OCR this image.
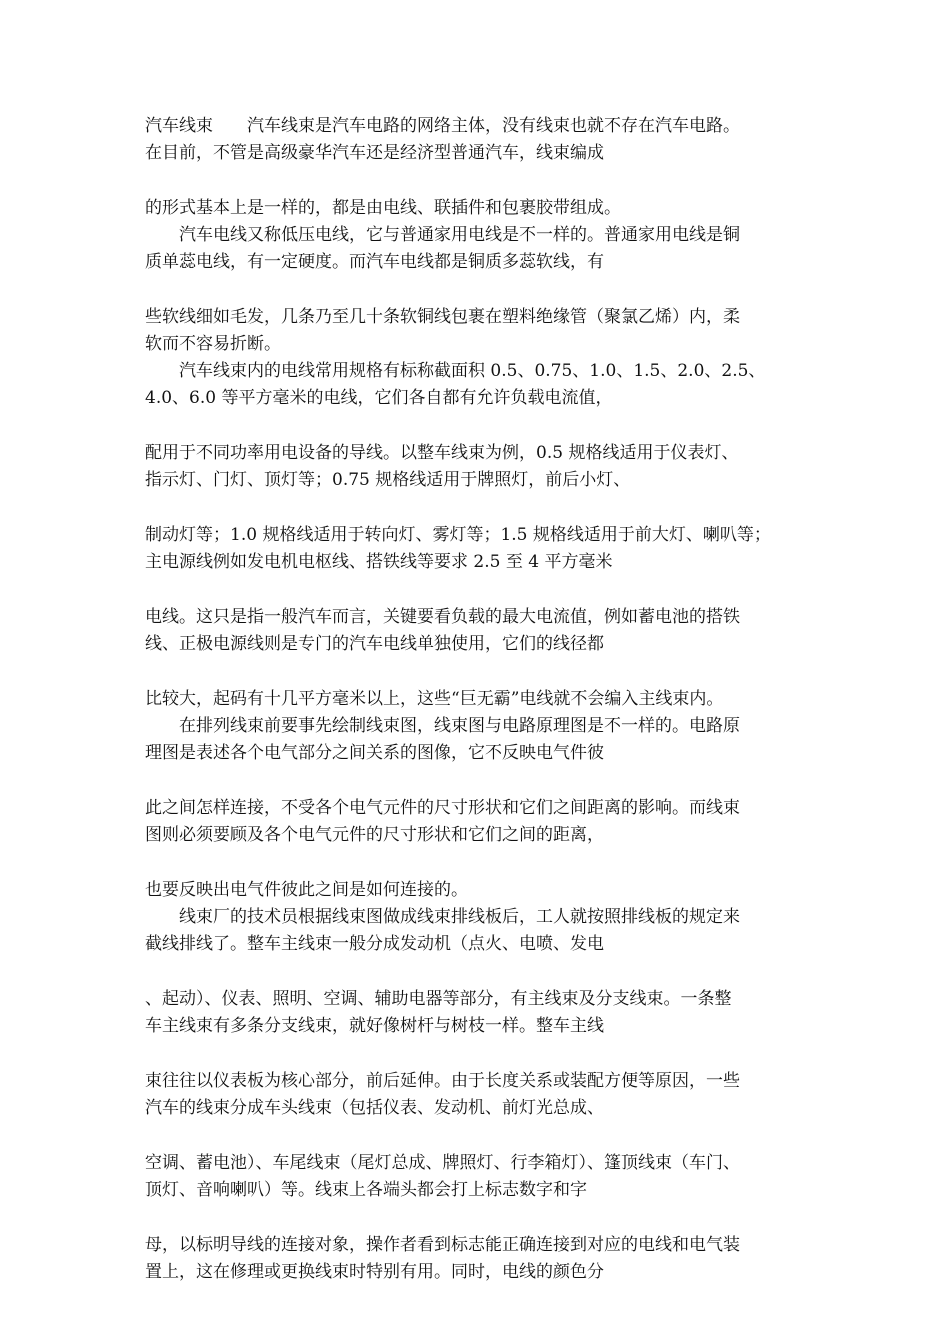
汽车线束　　汽车线束是汽车电路的网络主体，没有线束也就不存在汽车电路。
在目前，不管是高级豪华汽车还是经济型普通汽车，线束编成
的形式基本上是一样的，都是由电线、联插件和包裹胶带组成。
　　汽车电线又称低压电线，它与普通家用电线是不一样的。普通家用电线是铜
质单蕊电线，有一定硬度。而汽车电线都是铜质多蕊软线，有
些软线细如毛发，几条乃至几十条软铜线包裹在塑料绝缘管（聚氯乙烯）内，柔
软而不容易折断。
　　汽车线束内的电线常用规格有标称截面积 0.5、0.75、1.0、1.5、2.0、2.5、
4.0、6.0 等平方毫米的电线，它们各自都有允许负载电流值，
配用于不同功率用电设备的导线。以整车线束为例，0.5 规格线适用于仪表灯、
指示灯、门灯、顶灯等；0.75 规格线适用于牌照灯，前后小灯、
制动灯等；1.0 规格线适用于转向灯、雾灯等；1.5 规格线适用于前大灯、喇叭等；
主电源线例如发电机电枢线、搭铁线等要求 2.5 至 4 平方毫米
电线。这只是指一般汽车而言，关键要看负载的最大电流值，例如蓄电池的搭铁
线、正极电源线则是专门的汽车电线单独使用，它们的线径都
比较大，起码有十几平方毫米以上，这些“巨无霸”电线就不会编入主线束内。
　　在排列线束前要事先绘制线束图，线束图与电路原理图是不一样的。电路原
理图是表述各个电气部分之间关系的图像，它不反映电气件彼
此之间怎样连接，不受各个电气元件的尺寸形状和它们之间距离的影响。而线束
图则必须要顾及各个电气元件的尺寸形状和它们之间的距离，
也要反映出电气件彼此之间是如何连接的。
　　线束厂的技术员根据线束图做成线束排线板后，工人就按照排线板的规定来
截线排线了。整车主线束一般分成发动机（点火、电喷、发电
、起动）、仪表、照明、空调、辅助电器等部分，有主线束及分支线束。一条整
车主线束有多条分支线束，就好像树杆与树枝一样。整车主线
束往往以仪表板为核心部分，前后延伸。由于长度关系或装配方便等原因，一些
汽车的线束分成车头线束（包括仪表、发动机、前灯光总成、
空调、蓄电池）、车尾线束（尾灯总成、牌照灯、行李箱灯）、篷顶线束（车门、
顶灯、音响喇叭）等。线束上各端头都会打上标志数字和字
母，以标明导线的连接对象，操作者看到标志能正确连接到对应的电线和电气装
置上，这在修理或更换线束时特别有用。同时，电线的颜色分
